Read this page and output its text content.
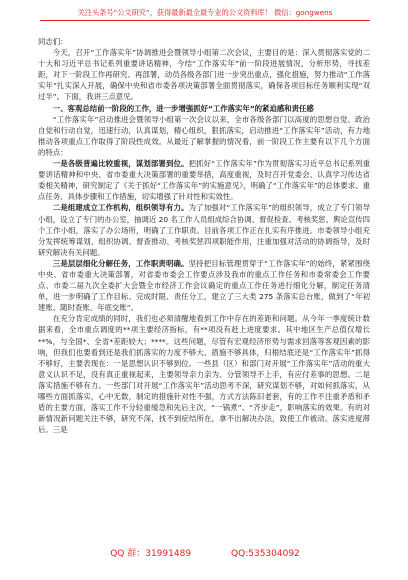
关注头条号“公文研究”，获得最新最全最专业的公文资料库！ 微信：gongwens

同志们：

今天，召开“工作落实年”协调推进会暨领导小组第二次会议，主要目的是：深入贯彻落实党的二十大和习近平总书记系列重要讲话精神，今结“工作落实年”前一阶段进展情况，分析形势，寻找差距，对下一阶段工作再研究、再部署，动员各级各部门进一步突出重点，强化措施，努力推动“工作落实年”扎实深入开展，确保中央和省市委各项决策部署全面贯彻落实，确保各项目标任务顺利实现“双过半”。下面，我讲三点意见。

一、客观总结前一阶段的工作，进一步增强抓好“工作落实年”的紧迫感和责任感

“工作落实年”启动推进会暨领导小组第一次会议以来，全市各级各部门以高度的思想自觉、政治自觉和行动自觉，迅速行动，认真谋划，精心组织，狠抓落实，启动推进“工作落实年”活动，有力地推动各项重点工作取得了阶段性成效。从最近了解掌握的情况看，前一阶段工作主要有以下几个方面的特点：

一是各级普遍比较重视，谋划部署到位。把抓好“工作落实年”作为贯彻落实习近平总书记系列重要讲话精神和中央、省市委重大决策部署的重要举措，高度重视，及时召开党委会、认真学习传达省委相关精神，研究制定了《关于抓好“工作落实年”的实施意见》，明确了“工作落实年”的总体要求、重点任务、具体步骤和工作措施，切实增强了针对性和实效性。

二是组建成立工作机构，组织领导有力。为了加强对“工作落实年”的组织领导，成立了专门领导小组，设立了专门的办公室，抽调近 20 名工作人员组成综合协调、督促检查、考核奖惩、舆论宣传四个工作小组，落实了办公场所，明确了工作职责。目前各项工作正在扎实有序推进。市委领导小组充分发挥统筹谋划、组织协调、督查推动、考核奖惩四项职能作用，注重加强对活动的协调指导，及时研究解决有关问题。

三是层层细化分解任务，工作职责明确。坚持把目标管理贯穿于“工作落实年”的始终，紧紧围绕中央、省市委重大决策部署，对省委市委会工作要点涉及我市的重点工作任务和市委常委会工作要点、市委二届九次全委扩大会暨全市经济工作会议确定的重点工作任务进行细化分解，制定任务清单，进一步明确了工作目标、完成时限、责任分工，建立了三大类 275 条落实总台账，做到了“年初建账、随时查账、年底交账”。

在充分肯定成绩的同时，我们也必须清醒地看到工作中存在的差距和问题。从今年一季度统计数据来看，全市重点调度的**项主要经济指标，有**项没有赶上进度要求。其中地区生产总值仅增长**%，与全国*、全省*差距较大；****。这些问题，尽管有宏观经济形势与需求回落等客观因素的影响，但我们也要看到还是我们抓落实的力度不够大、措施不够具体，归根结底还是“工作落实年”抓得不够好，主要表现在：一是思想认识不够到位。一些县（区）和部门对开展“工作落实年”活动的重大意义认识不足，没有真正重视起来，主要领导亲力亲为、分管领导不上手，有应付差事的思想。二是落实措施不够有力。一些部门对开展“工作落实年”活动思考不深，研究谋划不够，对如何抓落实，从哪些方面抓落实，心中无数，制定的措施针对性不强，方式方法陈旧老套，有的工作不注重矛盾和矛盾的主要方面，落实工作不分轻重缓急和先后主次，“一锅煮”、“齐步走”，影响落实的效果。有的对新情况新问题关注不够，研究不深，找不到症结所在，拿不出解决办法，致使工作被动。落实进度滞后。三是

QQ 群：31991489	QQ:535304092
